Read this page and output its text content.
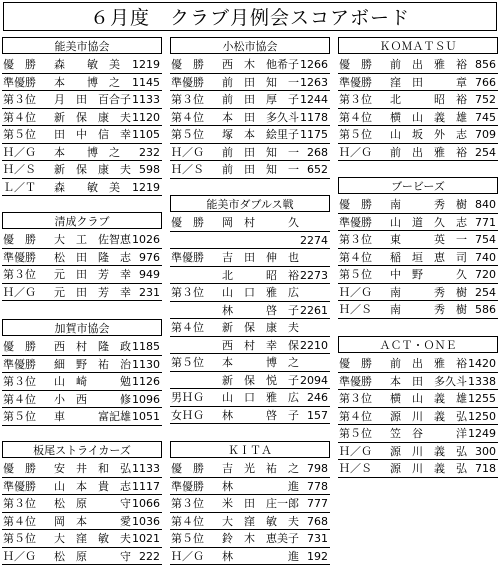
６月度　クラブ月例会スコアボード
能美市協会
優　勝 森　　敏　美 1219
準優勝 本　　博　之 1145
第３位 月　田　百合子 1133
第４位 新　保　康　夫 1120
第５位 田　中　信　幸 1105
Ｈ／Ｇ 本　　博　之 232
Ｈ／Ｓ 新　保　康　夫 598
Ｌ／Ｔ 森　　敏　美 1219
清成クラブ
優　勝 大　工　佐智恵 1026
準優勝 松　田　隆　志 976
第３位 元　田　芳　幸 949
Ｈ／Ｇ 元　田　芳　幸 231
加賀市協会
優　勝 西　村　隆　政 1185
準優勝 細　野　祐　治 1130
第３位 山　崎　　　勉 1126
第４位 小　西　　　修 1096
第５位 車　　　富記雄 1051
板尾ストライカーズ
優　勝 安　井　和　弘 1133
準優勝 山　本　貴　志 1117
第３位 松　原　　　守 1066
第４位 岡　本　　　愛 1036
第５位 大　窪　敏　夫 1021
Ｈ／Ｇ 松　原　　　守 222
小松市協会
優　勝 西　木　他希子 1266
準優勝 前　田　知　一 1263
第３位 前　田　厚　子 1244
第４位 本　田　多久斗 1178
第５位 塚　本　絵里子 1175
Ｈ／Ｇ 前　田　知　一 268
Ｈ／Ｓ 前　田　知　一 652
能美市ダブルス戦
優　勝 岡　村　　　久
2274
準優勝 吉　田　伸　也
北　　　昭　裕 2273
第３位 山　口　雅　広
林　　　啓　子 2261
第４位 新　保　康　夫
西　村　幸　保 2210
第５位 本　　　博　之
新　保　悦　子 2094
男ＨＧ 山　口　雅　広 246
女ＨＧ 林　　　啓　子 157
ＫＩＴＡ
優　勝 吉　光　祐　之 798
準優勝 林　　　　　進 778
第３位 米　田　庄一郎 777
第４位 大　窪　敏　夫 768
第５位 鈴　木　恵美子 731
Ｈ／Ｇ 林　　　　　進 192
ＫＯＭＡＴＳＵ
優　勝 前　出　雅　裕 856
準優勝 窪　田　　　章 766
第３位 北　　　昭　裕 752
第４位 横　山　義　雄 745
第５位 山　坂　外　志 709
Ｈ／Ｇ 前　出　雅　裕 254
ブービーズ
優　勝 南　　　秀　樹 840
準優勝 山　道　久　志 771
第３位 東　　　英　一 754
第４位 稲　垣　恵　司 740
第５位 中　野　　　久 720
Ｈ／Ｇ 南　　　秀　樹 254
Ｈ／Ｓ 南　　　秀　樹 586
ＡＣＴ・ＯＮＥ
優　勝 前　出　雅　裕 1420
準優勝 本　田　多久斗 1338
第３位 横　山　義　雄 1255
第４位 源　川　義　弘 1250
第５位 笠　谷　　　洋 1249
Ｈ／Ｇ 源　川　義　弘 300
Ｈ／Ｓ 源　川　義　弘 718
